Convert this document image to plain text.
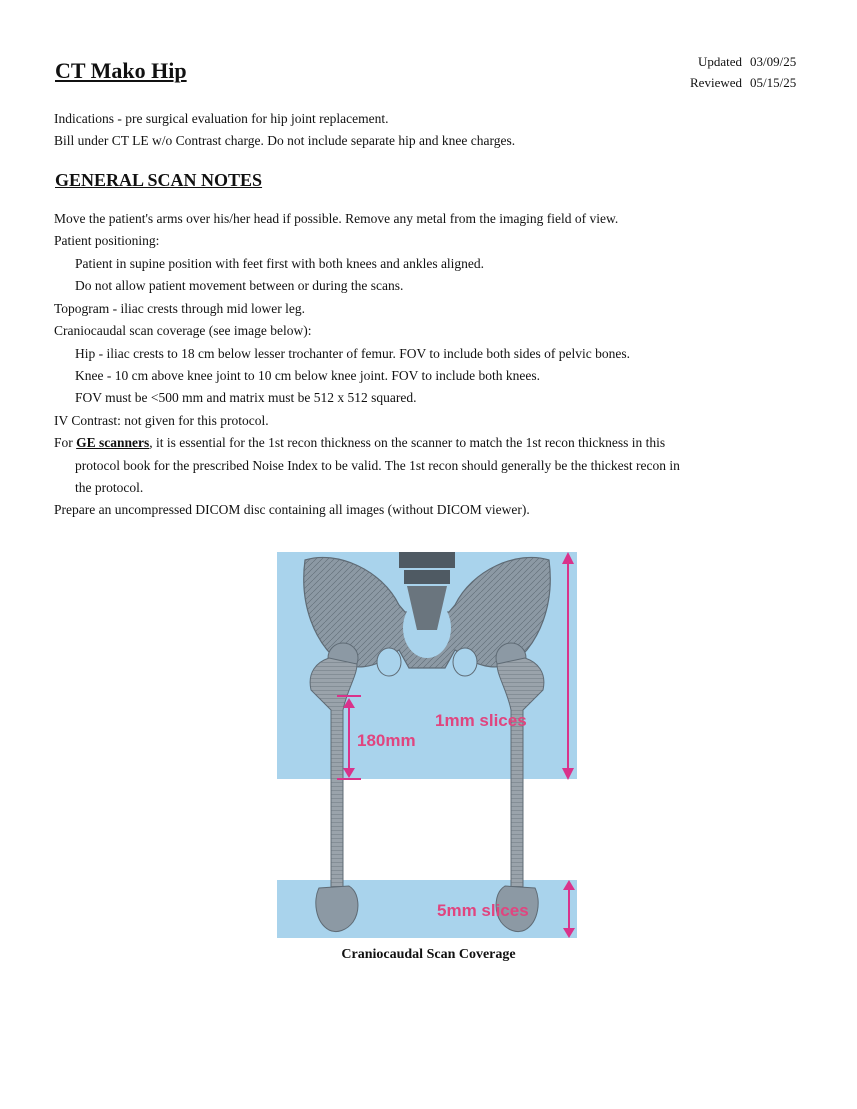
CT Mako Hip	Updated 03/09/25
Reviewed 05/15/25
Indications - pre surgical evaluation for hip joint replacement.
Bill under CT LE w/o Contrast charge. Do not include separate hip and knee charges.
GENERAL SCAN NOTES
Move the patient's arms over his/her head if possible. Remove any metal from the imaging field of view.
Patient positioning:
Patient in supine position with feet first with both knees and ankles aligned.
Do not allow patient movement between or during the scans.
Topogram - iliac crests through mid lower leg.
Craniocaudal scan coverage (see image below):
Hip - iliac crests to 18 cm below lesser trochanter of femur. FOV to include both sides of pelvic bones.
Knee - 10 cm above knee joint to 10 cm below knee joint. FOV to include both knees.
FOV must be <500 mm and matrix must be 512 x 512 squared.
IV Contrast: not given for this protocol.
For GE scanners, it is essential for the 1st recon thickness on the scanner to match the 1st recon thickness in this
protocol book for the prescribed Noise Index to be valid. The 1st recon should generally be the thickest recon in
the protocol.
Prepare an uncompressed DICOM disc containing all images (without DICOM viewer).
180mm
1mm slices
5mm slices
Craniocaudal Scan Coverage
